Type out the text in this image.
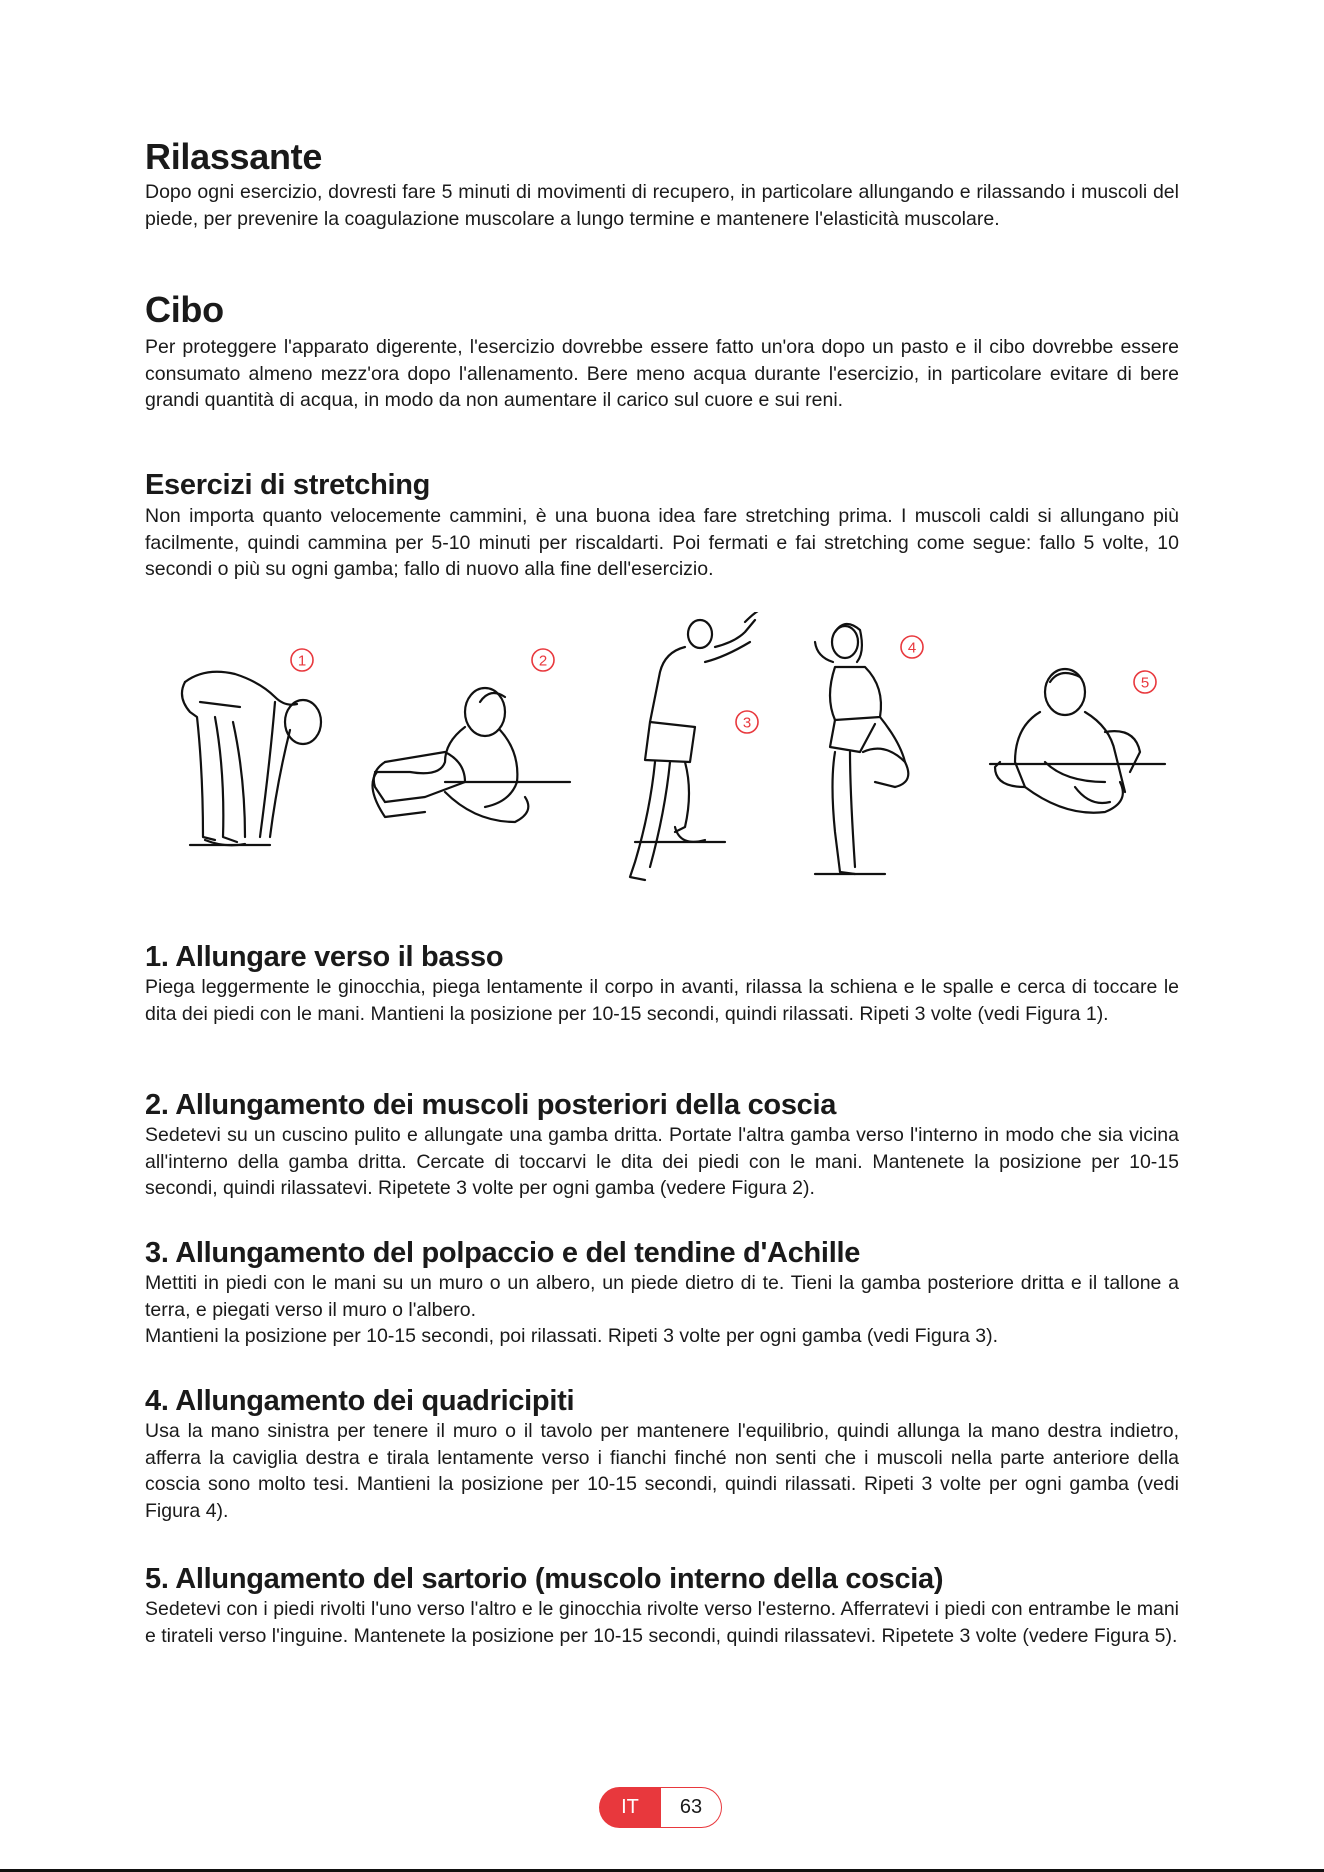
Rilassante

Dopo ogni esercizio, dovresti fare 5 minuti di movimenti di recupero, in particolare allungando e rilassando i muscoli del piede, per prevenire la coagulazione muscolare a lungo termine e mantenere l'elasticità muscolare.

Cibo

Per proteggere l'apparato digerente, l'esercizio dovrebbe essere fatto un'ora dopo un pasto e il cibo dovrebbe essere consumato almeno mezz'ora dopo l'allenamento. Bere meno acqua durante l'esercizio, in particolare evitare di bere grandi quantità di acqua, in modo da non aumentare il carico sul cuore e sui reni.

Esercizi di stretching

Non importa quanto velocemente cammini, è una buona idea fare stretching prima. I muscoli caldi si allungano più facilmente, quindi cammina per 5-10 minuti per riscaldarti. Poi fermati e fai stretching come segue: fallo 5 volte, 10 secondi o più su ogni gamba; fallo di nuovo alla fine dell'esercizio.

1	2
3
4
5
1. Allungare verso il basso

Piega leggermente le ginocchia, piega lentamente il corpo in avanti, rilassa la schiena e le spalle e cerca di toccare le dita dei piedi con le mani. Mantieni la posizione per 10-15 secondi, quindi rilassati. Ripeti 3 volte (vedi Figura 1).

2. Allungamento dei muscoli posteriori della coscia

Sedetevi su un cuscino pulito e allungate una gamba dritta. Portate l'altra gamba verso l'interno in modo che sia vicina all'interno della gamba dritta. Cercate di toccarvi le dita dei piedi con le mani. Mantenete la posizione per 10-15 secondi, quindi rilassatevi. Ripetete 3 volte per ogni gamba (vedere Figura 2).

3. Allungamento del polpaccio e del tendine d'Achille

Mettiti in piedi con le mani su un muro o un albero, un piede dietro di te. Tieni la gamba posteriore dritta e il tallone a terra, e piegati verso il muro o l'albero.

Mantieni la posizione per 10-15 secondi, poi rilassati. Ripeti 3 volte per ogni gamba (vedi Figura 3).

4. Allungamento dei quadricipiti

Usa la mano sinistra per tenere il muro o il tavolo per mantenere l'equilibrio, quindi allunga la mano destra indietro, afferra la caviglia destra e tirala lentamente verso i fianchi finché non senti che i muscoli nella parte anteriore della coscia sono molto tesi. Mantieni la posizione per 10-15 secondi, quindi rilassati. Ripeti 3 volte per ogni gamba (vedi Figura 4).

5. Allungamento del sartorio (muscolo interno della coscia)

Sedetevi con i piedi rivolti l'uno verso l'altro e le ginocchia rivolte verso l'esterno. Afferratevi i piedi con entrambe le mani e tirateli verso l'inguine. Mantenete la posizione per 10-15 secondi, quindi rilassatevi. Ripetete 3 volte (vedere Figura 5).

IT	63
